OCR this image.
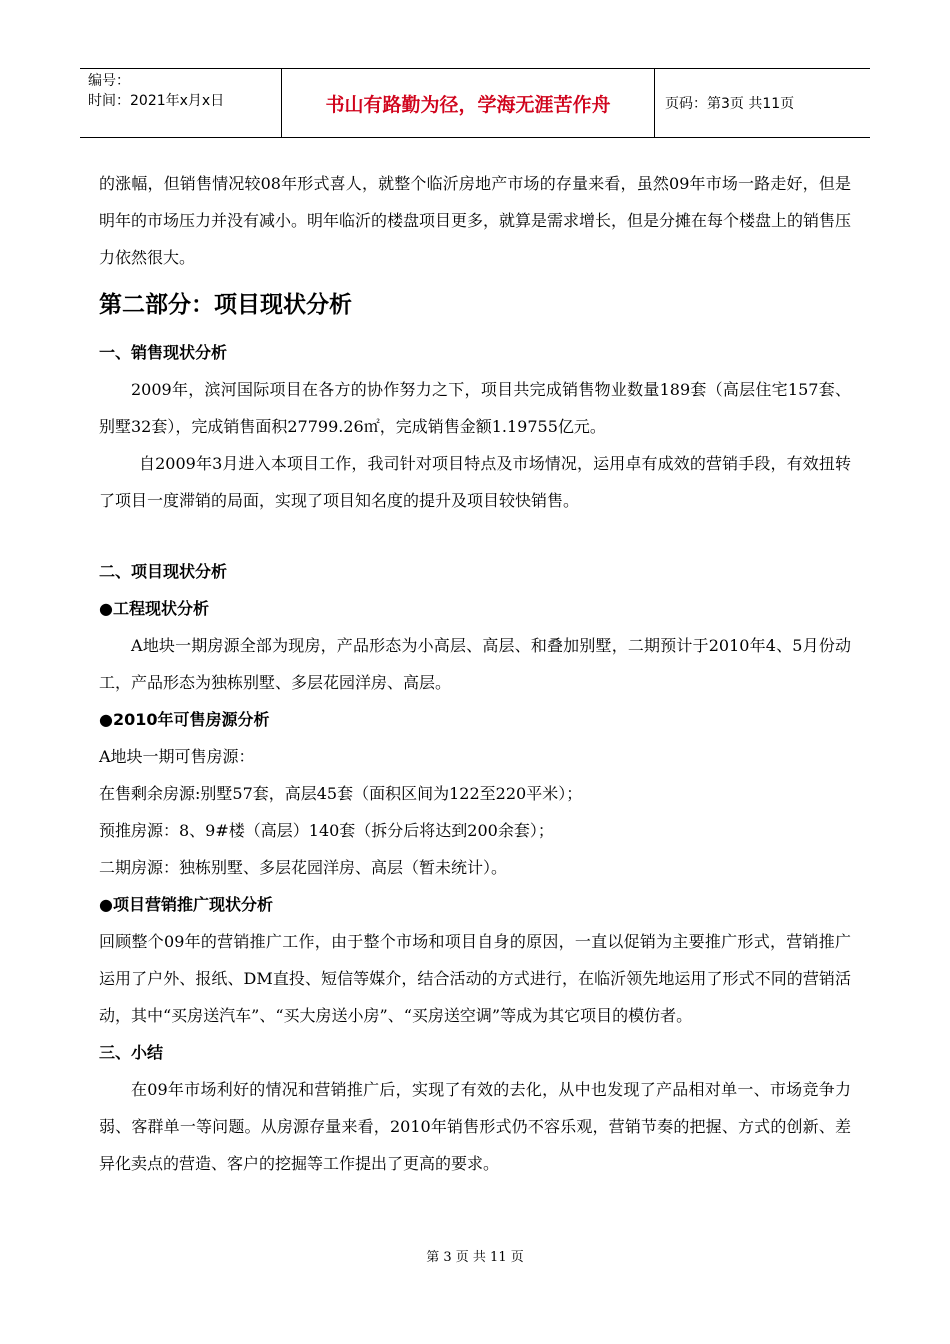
编号：
时间：2021年x月x日	书山有路勤为径，学海无涯苦作舟	页码：第3页 共11页

的涨幅，但销售情况较08年形式喜人，就整个临沂房地产市场的存量来看，虽然09年市场一路走好，但是明年的市场压力并没有减小。明年临沂的楼盘项目更多，就算是需求增长，但是分摊在每个楼盘上的销售压力依然很大。

第二部分：项目现状分析
一、销售现状分析

2009年，滨河国际项目在各方的协作努力之下，项目共完成销售物业数量189套（高层住宅157套、别墅32套），完成销售面积27799.26㎡，完成销售金额1.19755亿元。

自2009年3月进入本项目工作，我司针对项目特点及市场情况，运用卓有成效的营销手段，有效扭转了项目一度滞销的局面，实现了项目知名度的提升及项目较快销售。

二、项目现状分析
●工程现状分析

A地块一期房源全部为现房，产品形态为小高层、高层、和叠加别墅，二期预计于2010年4、5月份动工，产品形态为独栋别墅、多层花园洋房、高层。

●2010年可售房源分析

A地块一期可售房源：

在售剩余房源:别墅57套，高层45套（面积区间为122至220平米）；

预推房源：8、9#楼（高层）140套（拆分后将达到200余套）；

二期房源：独栋别墅、多层花园洋房、高层（暂未统计）。

●项目营销推广现状分析

回顾整个09年的营销推广工作，由于整个市场和项目自身的原因，一直以促销为主要推广形式，营销推广运用了户外、报纸、DM直投、短信等媒介，结合活动的方式进行，在临沂领先地运用了形式不同的营销活动，其中“买房送汽车”、“买大房送小房”、“买房送空调”等成为其它项目的模仿者。

三、小结

在09年市场利好的情况和营销推广后，实现了有效的去化，从中也发现了产品相对单一、市场竞争力弱、客群单一等问题。从房源存量来看，2010年销售形式仍不容乐观，营销节奏的把握、方式的创新、差异化卖点的营造、客户的挖掘等工作提出了更高的要求。

第 3 页 共 11 页
